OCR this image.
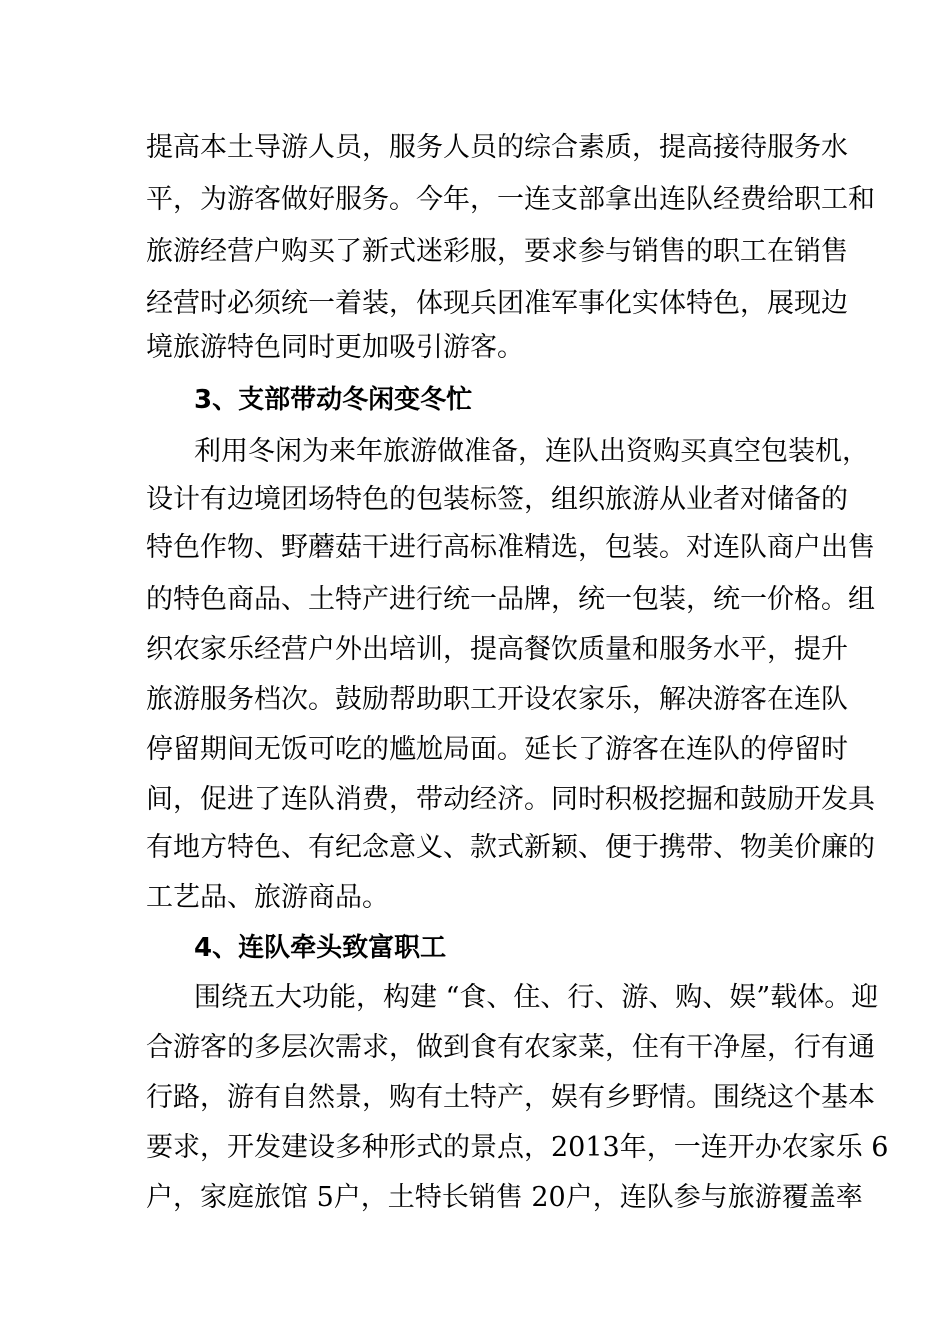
提高本土导游人员，服务人员的综合素质，提高接待服务水
平，为游客做好服务。今年，一连支部拿出连队经费给职工和
旅游经营户购买了新式迷彩服，要求参与销售的职工在销售
经营时必须统一着装，体现兵团准军事化实体特色，展现边
境旅游特色同时更加吸引游客。
3、支部带动冬闲变冬忙
利用冬闲为来年旅游做准备，连队出资购买真空包装机，
设计有边境团场特色的包装标签，组织旅游从业者对储备的
特色作物、野蘑菇干进行高标准精选，包装。对连队商户出售
的特色商品、土特产进行统一品牌，统一包装，统一价格。组
织农家乐经营户外出培训，提高餐饮质量和服务水平，提升
旅游服务档次。鼓励帮助职工开设农家乐，解决游客在连队
停留期间无饭可吃的尴尬局面。延长了游客在连队的停留时
间，促进了连队消费，带动经济。同时积极挖掘和鼓励开发具
有地方特色、有纪念意义、款式新颖、便于携带、物美价廉的
工艺品、旅游商品。
4、连队牵头致富职工
围绕五大功能，构建 “食、住、行、游、购、娱”载体。迎
合游客的多层次需求，做到食有农家菜，住有干净屋，行有通
行路，游有自然景，购有土特产，娱有乡野情。围绕这个基本
要求，开发建设多种形式的景点，2013年，一连开办农家乐 6
户，家庭旅馆 5户，土特长销售 20户，连队参与旅游覆盖率
